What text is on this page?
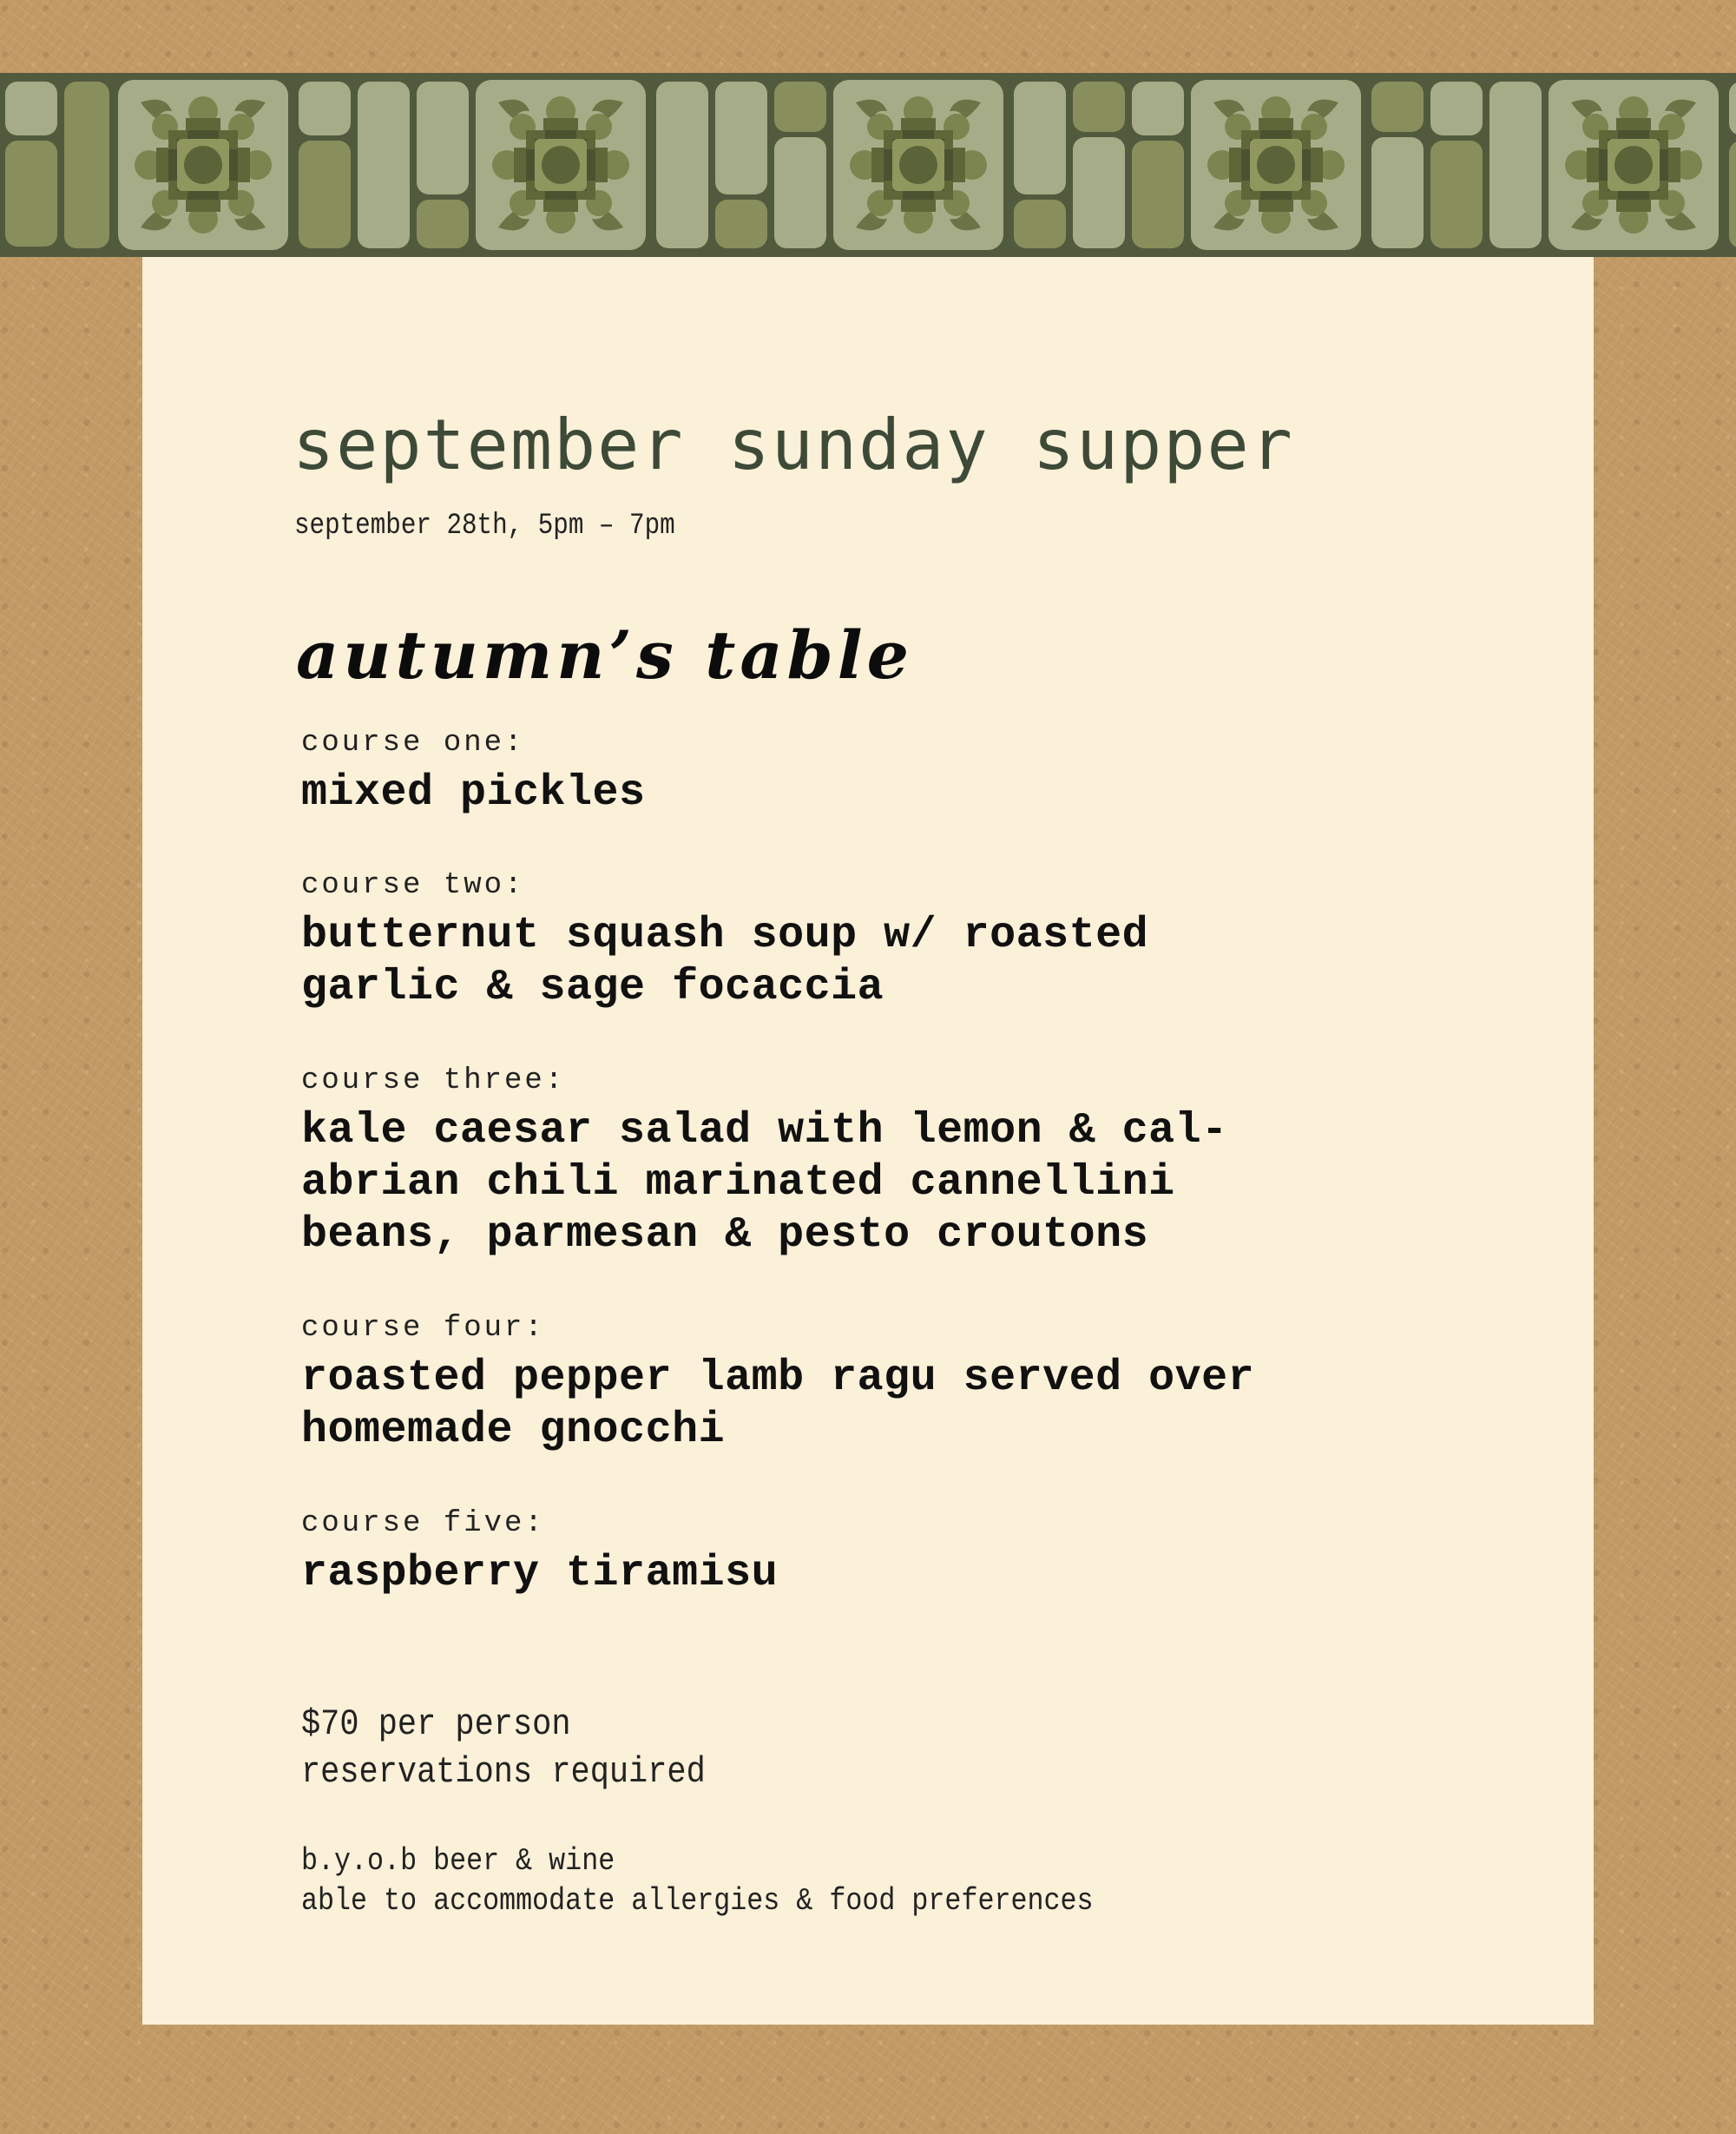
september sunday supper

september 28th, 5pm – 7pm

autumn’s table

course one:

mixed pickles

course two:

butternut squash soup w/ roasted
garlic & sage focaccia

course three:

kale caesar salad with lemon & cal-
abrian chili marinated cannellini
beans, parmesan & pesto croutons

course four:

roasted pepper lamb ragu served over
homemade gnocchi

course five:

raspberry tiramisu

$70 per person
reservations required
b.y.o.b beer & wine
able to accommodate allergies & food preferences
